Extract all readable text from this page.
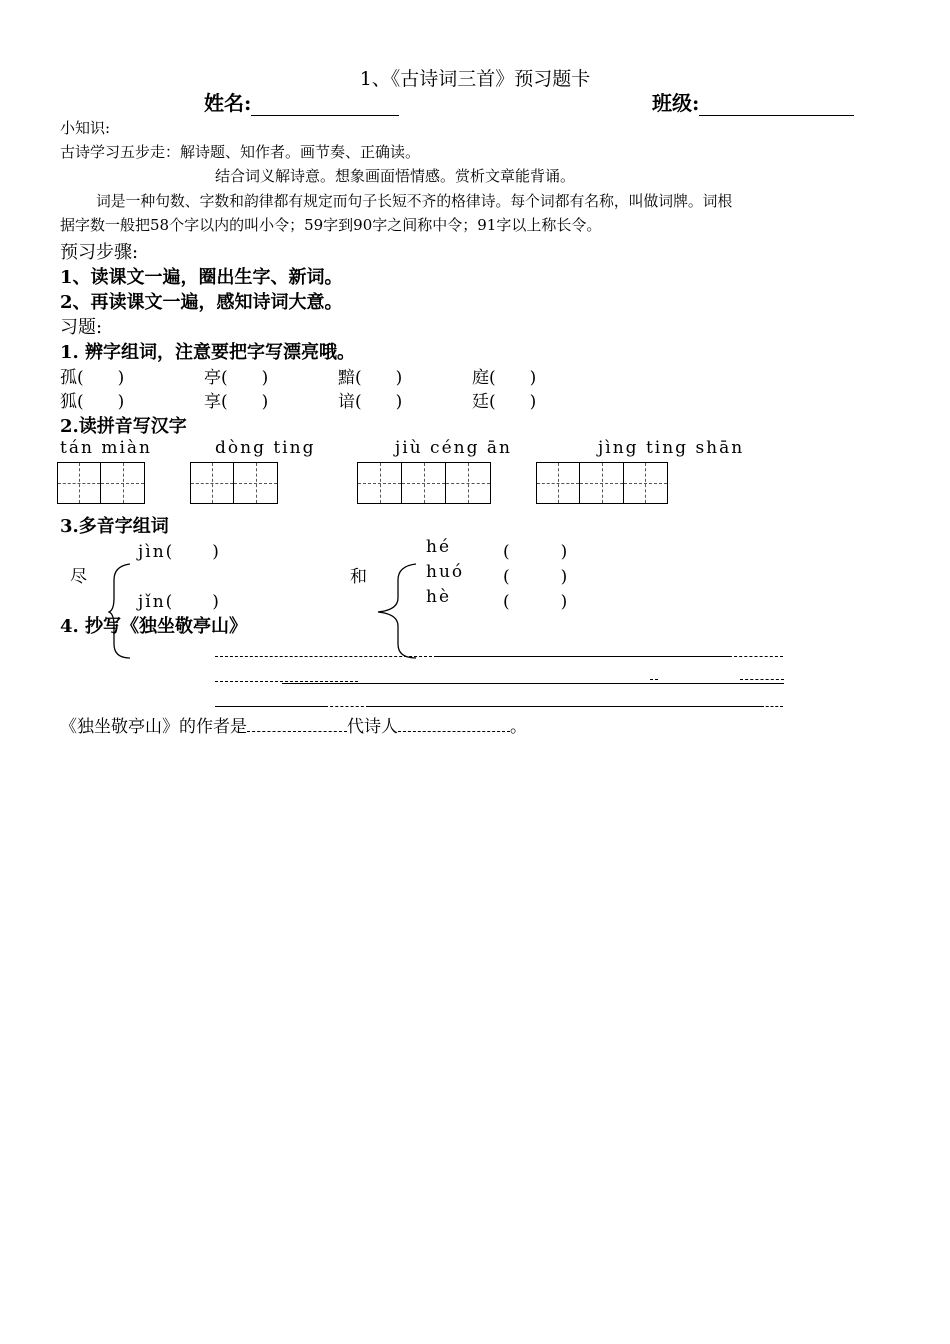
1、《古诗词三首》预习题卡
姓名:	班级:
小知识:
古诗学习五步走：解诗题、知作者。画节奏、正确读。
结合词义解诗意。想象画面悟情感。赏析文章能背诵。
词是一种句数、字数和韵律都有规定而句子长短不齐的格律诗。每个词都有名称，叫做词牌。词根
据字数一般把58个字以内的叫小令；59字到90字之间称中令；91字以上称长令。
预习步骤:
1、读课文一遍，圈出生字、新词。
2、再读课文一遍，感知诗词大意。
习题:
1. 辨字组词，注意要把字写漂亮哦。
孤(　　)	亭(　　)	黯(　　)	庭(　　)
狐(　　)	享(　　)	谙(　　)	廷(　　)
2.读拼音写汉字
tán miàn	dòng ting	jiù céng ān	jìng ting shān
3.多音字组词
jìn(　　)
尽
jǐn(　　)
和
hé
huó
hè
(　　　)
(　　　)
(　　　)
4. 抄写《独坐敬亭山》
《独坐敬亭山》的作者是	代诗人	。
